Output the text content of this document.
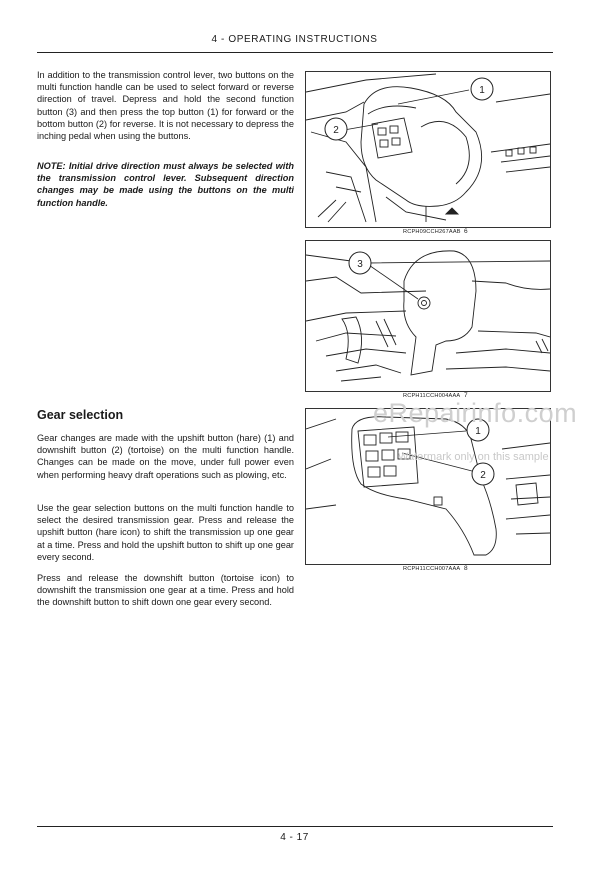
4 - OPERATING INSTRUCTIONS
In addition to the transmission control lever, two buttons on the multi function handle can be used to select forward or reverse direction of travel. Depress and hold the second function button (3) and then press the top button (1) for forward or the bottom button (2) for reverse. It is not necessary to depress the inching pedal when using the buttons.
NOTE: Initial drive direction must always be selected with the transmission control lever. Subsequent direction changes may be made using the buttons on the multi function handle.
1
2
RCPH09CCH267AAB 6
3
RCPH11CCH004AAA 7
Gear selection
Gear changes are made with the upshift button (hare) (1) and downshift button (2) (tortoise) on the multi function handle. Changes can be made on the move, under full power even when performing heavy draft operations such as plowing, etc.
Use the gear selection buttons on the multi function handle to select the desired transmission gear. Press and release the upshift button (hare icon) to shift the transmission up one gear at a time. Press and hold the upshift button to shift up one gear every second.
Press and release the downshift button (tortoise icon) to downshift the transmission one gear at a time. Press and hold the downshift button to shift down one gear every second.
1
2
RCPH11CCH007AAA 8
eRepairinfo.com
Watermark only on this sample
4 - 17
